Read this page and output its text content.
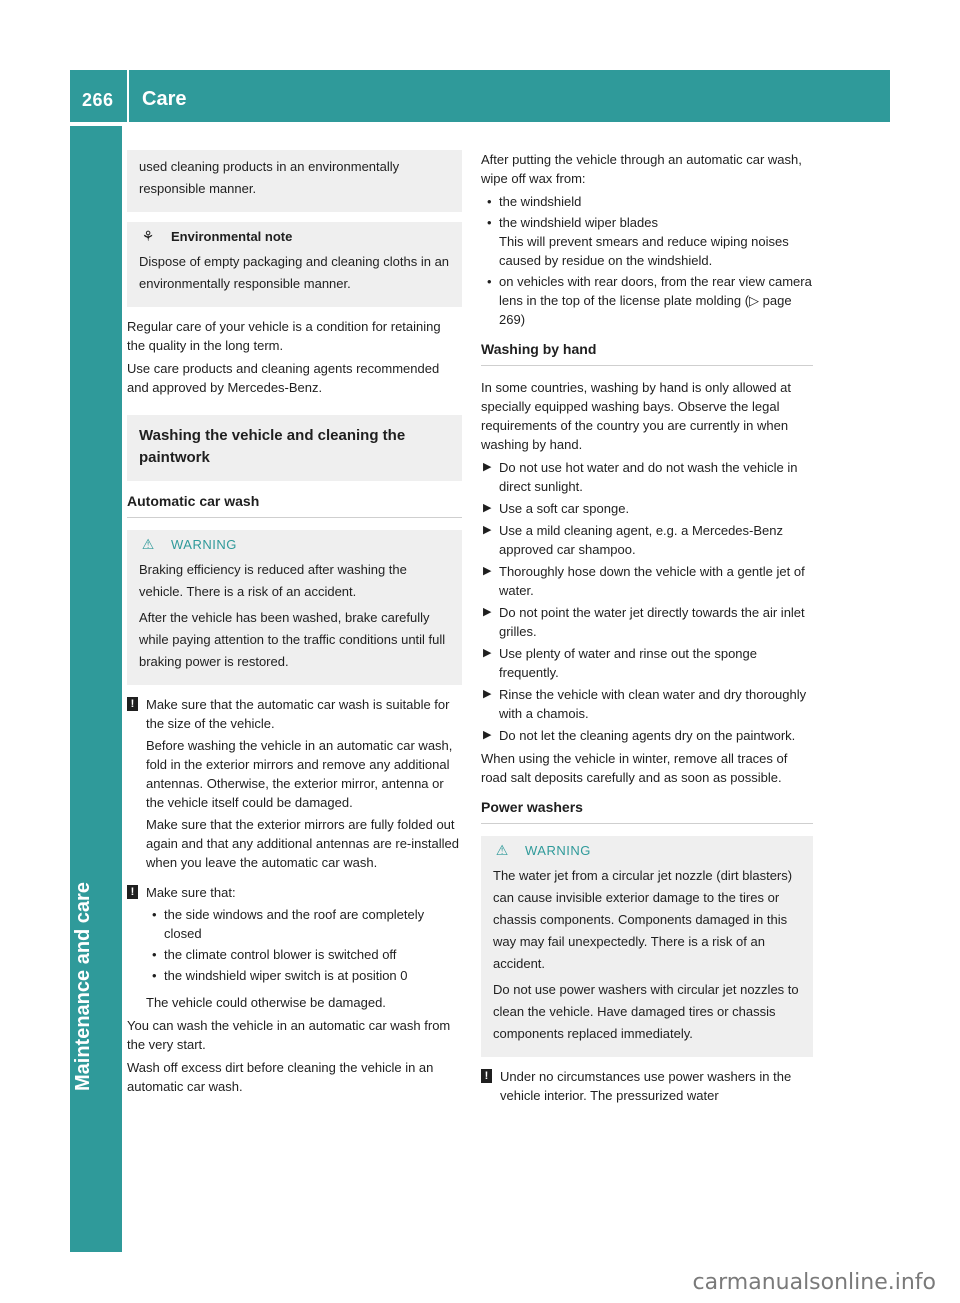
266 Care
Maintenance and care

used cleaning products in an environmentally responsible manner.

⚘ Environmental note

Dispose of empty packaging and cleaning cloths in an environmentally responsible manner.

Regular care of your vehicle is a condition for retaining the quality in the long term.

Use care products and cleaning agents recommended and approved by Mercedes-Benz.

Washing the vehicle and cleaning the paintwork
Automatic car wash
⚠ WARNING

Braking efficiency is reduced after washing the vehicle. There is a risk of an accident.

After the vehicle has been washed, brake carefully while paying attention to the traffic conditions until full braking power is restored.

! Make sure that the automatic car wash is suitable for the size of the vehicle.

Before washing the vehicle in an automatic car wash, fold in the exterior mirrors and remove any additional antennas. Otherwise, the exterior mirror, antenna or the vehicle itself could be damaged.

Make sure that the exterior mirrors are fully folded out again and that any additional antennas are re-installed when you leave the automatic car wash.

! Make sure that:

• the side windows and the roof are completely closed
• the climate control blower is switched off
• the windshield wiper switch is at position 0

The vehicle could otherwise be damaged.

You can wash the vehicle in an automatic car wash from the very start.

Wash off excess dirt before cleaning the vehicle in an automatic car wash.

After putting the vehicle through an automatic car wash, wipe off wax from:

• the windshield
• the windshield wiper blades
This will prevent smears and reduce wiping noises caused by residue on the windshield.
• on vehicles with rear doors, from the rear view camera lens in the top of the license plate molding (▷ page 269)
Washing by hand

In some countries, washing by hand is only allowed at specially equipped washing bays. Observe the legal requirements of the country you are currently in when washing by hand.

▶ Do not use hot water and do not wash the vehicle in direct sunlight.
▶ Use a soft car sponge.
▶ Use a mild cleaning agent, e.g. a Mercedes-Benz approved car shampoo.
▶ Thoroughly hose down the vehicle with a gentle jet of water.
▶ Do not point the water jet directly towards the air inlet grilles.
▶ Use plenty of water and rinse out the sponge frequently.
▶ Rinse the vehicle with clean water and dry thoroughly with a chamois.
▶ Do not let the cleaning agents dry on the paintwork.

When using the vehicle in winter, remove all traces of road salt deposits carefully and as soon as possible.

Power washers
⚠ WARNING

The water jet from a circular jet nozzle (dirt blasters) can cause invisible exterior damage to the tires or chassis components. Components damaged in this way may fail unexpectedly. There is a risk of an accident.

Do not use power washers with circular jet nozzles to clean the vehicle. Have damaged tires or chassis components replaced immediately.

! Under no circumstances use power washers in the vehicle interior. The pressurized water

carmanualsonline.info
